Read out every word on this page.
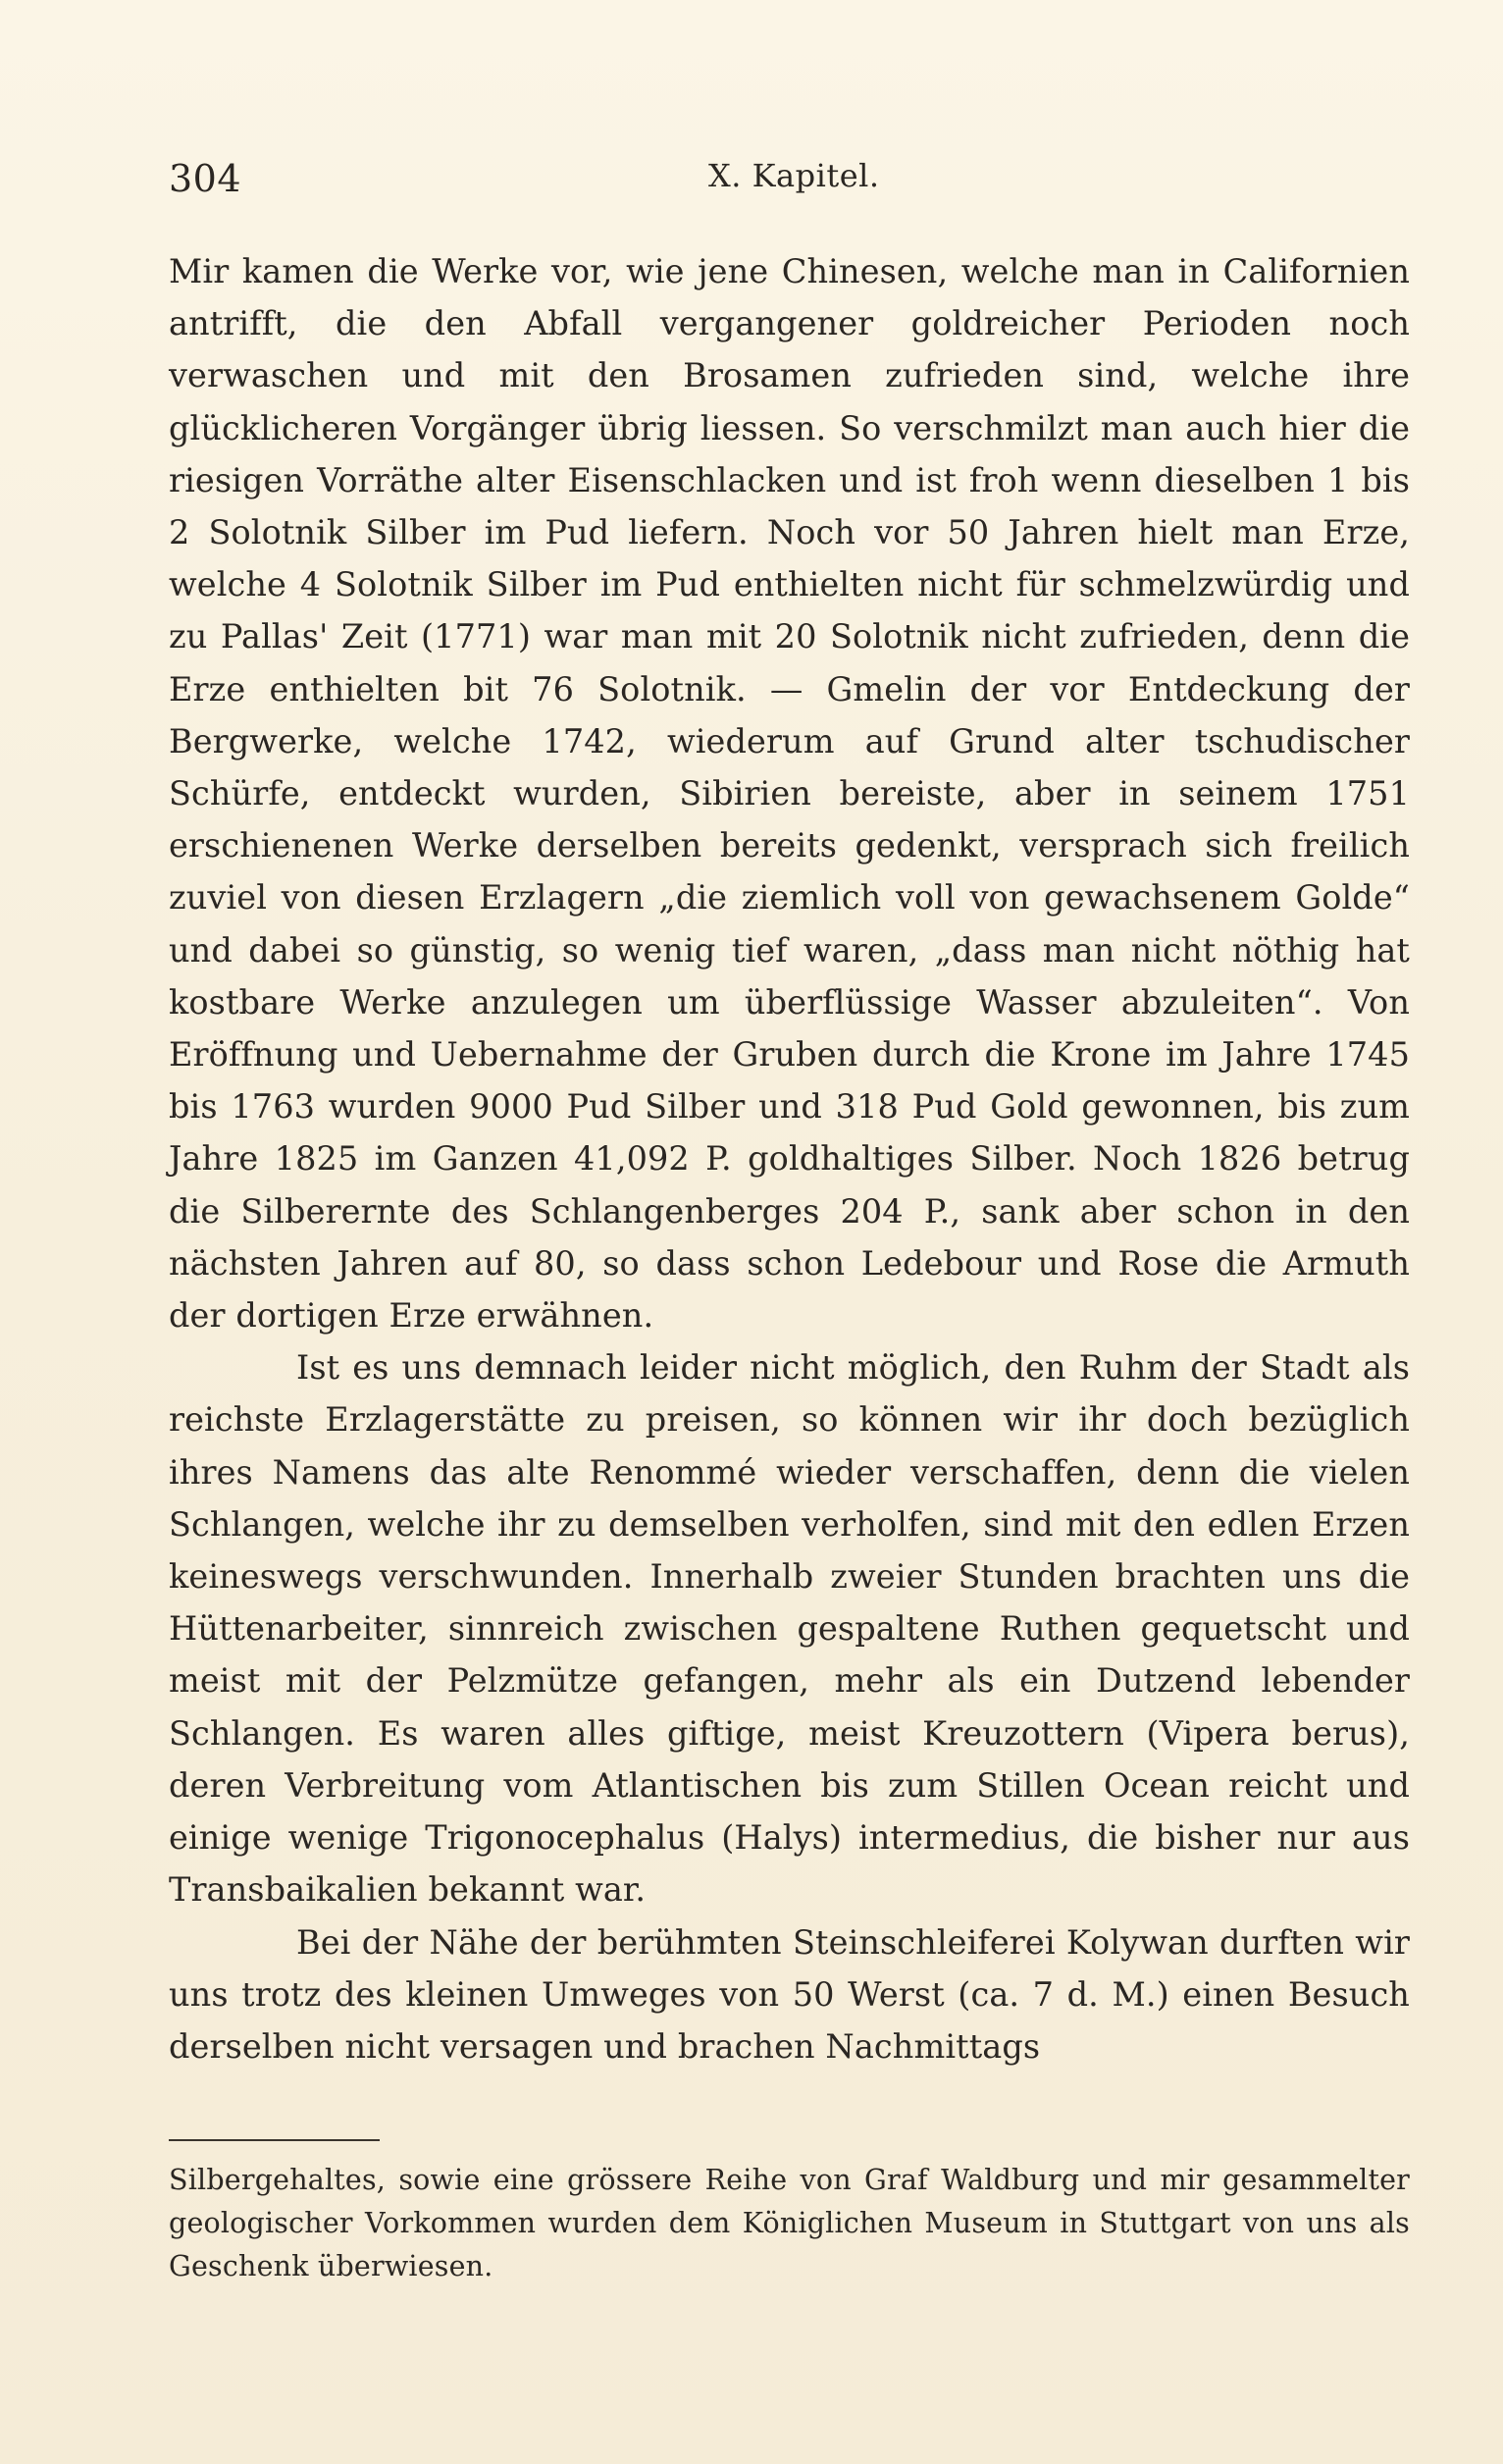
304	X. Kapitel.

Mir kamen die Werke vor, wie jene Chinesen, welche man in Californien antrifft, die den Abfall vergangener goldreicher Perioden noch verwaschen und mit den Brosamen zufrieden sind, welche ihre glücklicheren Vorgänger übrig liessen. So verschmilzt man auch hier die riesigen Vorräthe alter Eisenschlacken und ist froh wenn dieselben 1 bis 2 Solotnik Silber im Pud liefern. Noch vor 50 Jahren hielt man Erze, welche 4 Solotnik Silber im Pud enthielten nicht für schmelzwürdig und zu Pallas' Zeit (1771) war man mit 20 Solotnik nicht zufrieden, denn die Erze enthielten bit 76 Solotnik. — Gmelin der vor Entdeckung der Bergwerke, welche 1742, wiederum auf Grund alter tschudischer Schürfe, entdeckt wurden, Sibirien bereiste, aber in seinem 1751 erschienenen Werke derselben bereits gedenkt, versprach sich freilich zuviel von diesen Erzlagern „die ziemlich voll von gewachsenem Golde“ und dabei so günstig, so wenig tief waren, „dass man nicht nöthig hat kostbare Werke anzulegen um überflüssige Wasser abzuleiten“. Von Eröffnung und Uebernahme der Gruben durch die Krone im Jahre 1745 bis 1763 wurden 9000 Pud Silber und 318 Pud Gold gewonnen, bis zum Jahre 1825 im Ganzen 41,092 P. goldhaltiges Silber. Noch 1826 betrug die Silberernte des Schlangenberges 204 P., sank aber schon in den nächsten Jahren auf 80, so dass schon Ledebour und Rose die Armuth der dortigen Erze erwähnen.

Ist es uns demnach leider nicht möglich, den Ruhm der Stadt als reichste Erzlagerstätte zu preisen, so können wir ihr doch bezüglich ihres Namens das alte Renommé wieder verschaffen, denn die vielen Schlangen, welche ihr zu demselben verholfen, sind mit den edlen Erzen keineswegs verschwunden. Innerhalb zweier Stunden brachten uns die Hüttenarbeiter, sinnreich zwischen gespaltene Ruthen gequetscht und meist mit der Pelzmütze gefangen, mehr als ein Dutzend lebender Schlangen. Es waren alles giftige, meist Kreuzottern (Vipera berus), deren Verbreitung vom Atlantischen bis zum Stillen Ocean reicht und einige wenige Trigonocephalus (Halys) intermedius, die bisher nur aus Transbaikalien bekannt war.

Bei der Nähe der berühmten Steinschleiferei Kolywan durften wir uns trotz des kleinen Umweges von 50 Werst (ca. 7 d. M.) einen Besuch derselben nicht versagen und brachen Nachmittags

Silbergehaltes, sowie eine grössere Reihe von Graf Waldburg und mir gesammelter geologischer Vorkommen wurden dem Königlichen Museum in Stuttgart von uns als Geschenk überwiesen.
